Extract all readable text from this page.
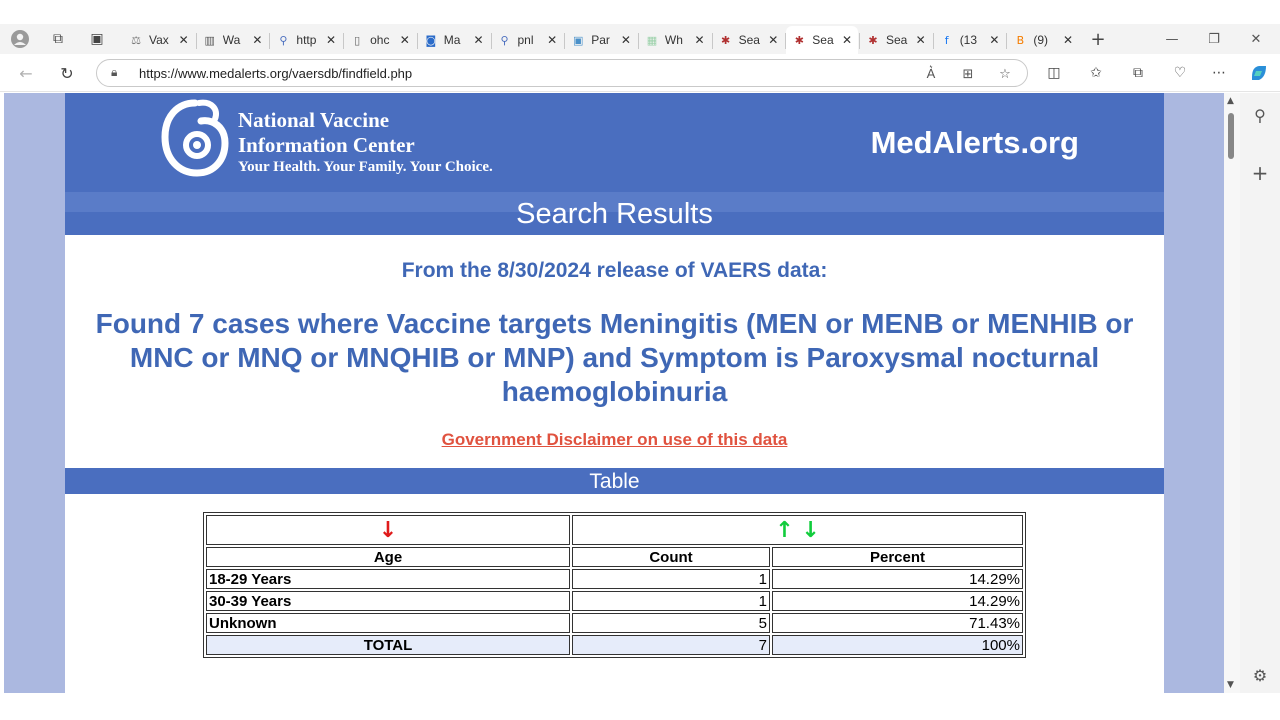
⧉	▣	⚖ Vax ✕ ▥ Wa	✕ ⚲ http ✕	▯ ohc ✕ ◙ Ma	✕ ⚲ pnl	✕ ▣ Par ✕ ▦ Wh ✕ ✱ Sea ✕ ✱ Sea ✕ ✱ Sea ✕	f (13	✕ B (9)	✕ +	—	❐	✕
←	↻	🔒︎
https://www.medalerts.org/vaersdb/findfield.php	A͛	⊞	☆	◫	✩	⧉	♡	⋯
National Vaccine
Information Center
Your Health. Your Family. Your Choice.
MedAlerts.org
Search Results
From the 8/30/2024 release of VAERS data:
Found 7 cases where Vaccine targets Meningitis (MEN or MENB or MENHIB or MNC or MNQ or MNQHIB or MNP) and Symptom is Paroxysmal nocturnal haemoglobinuria
Government Disclaimer on use of this data
Table
↓	↑ ↓	
Age	Count	Percent
18-29 Years	1	14.29%
30-39 Years	1	14.29%
Unknown	5	71.43%
TOTAL	7	100%
▲
▼
⚲
+
⚙
